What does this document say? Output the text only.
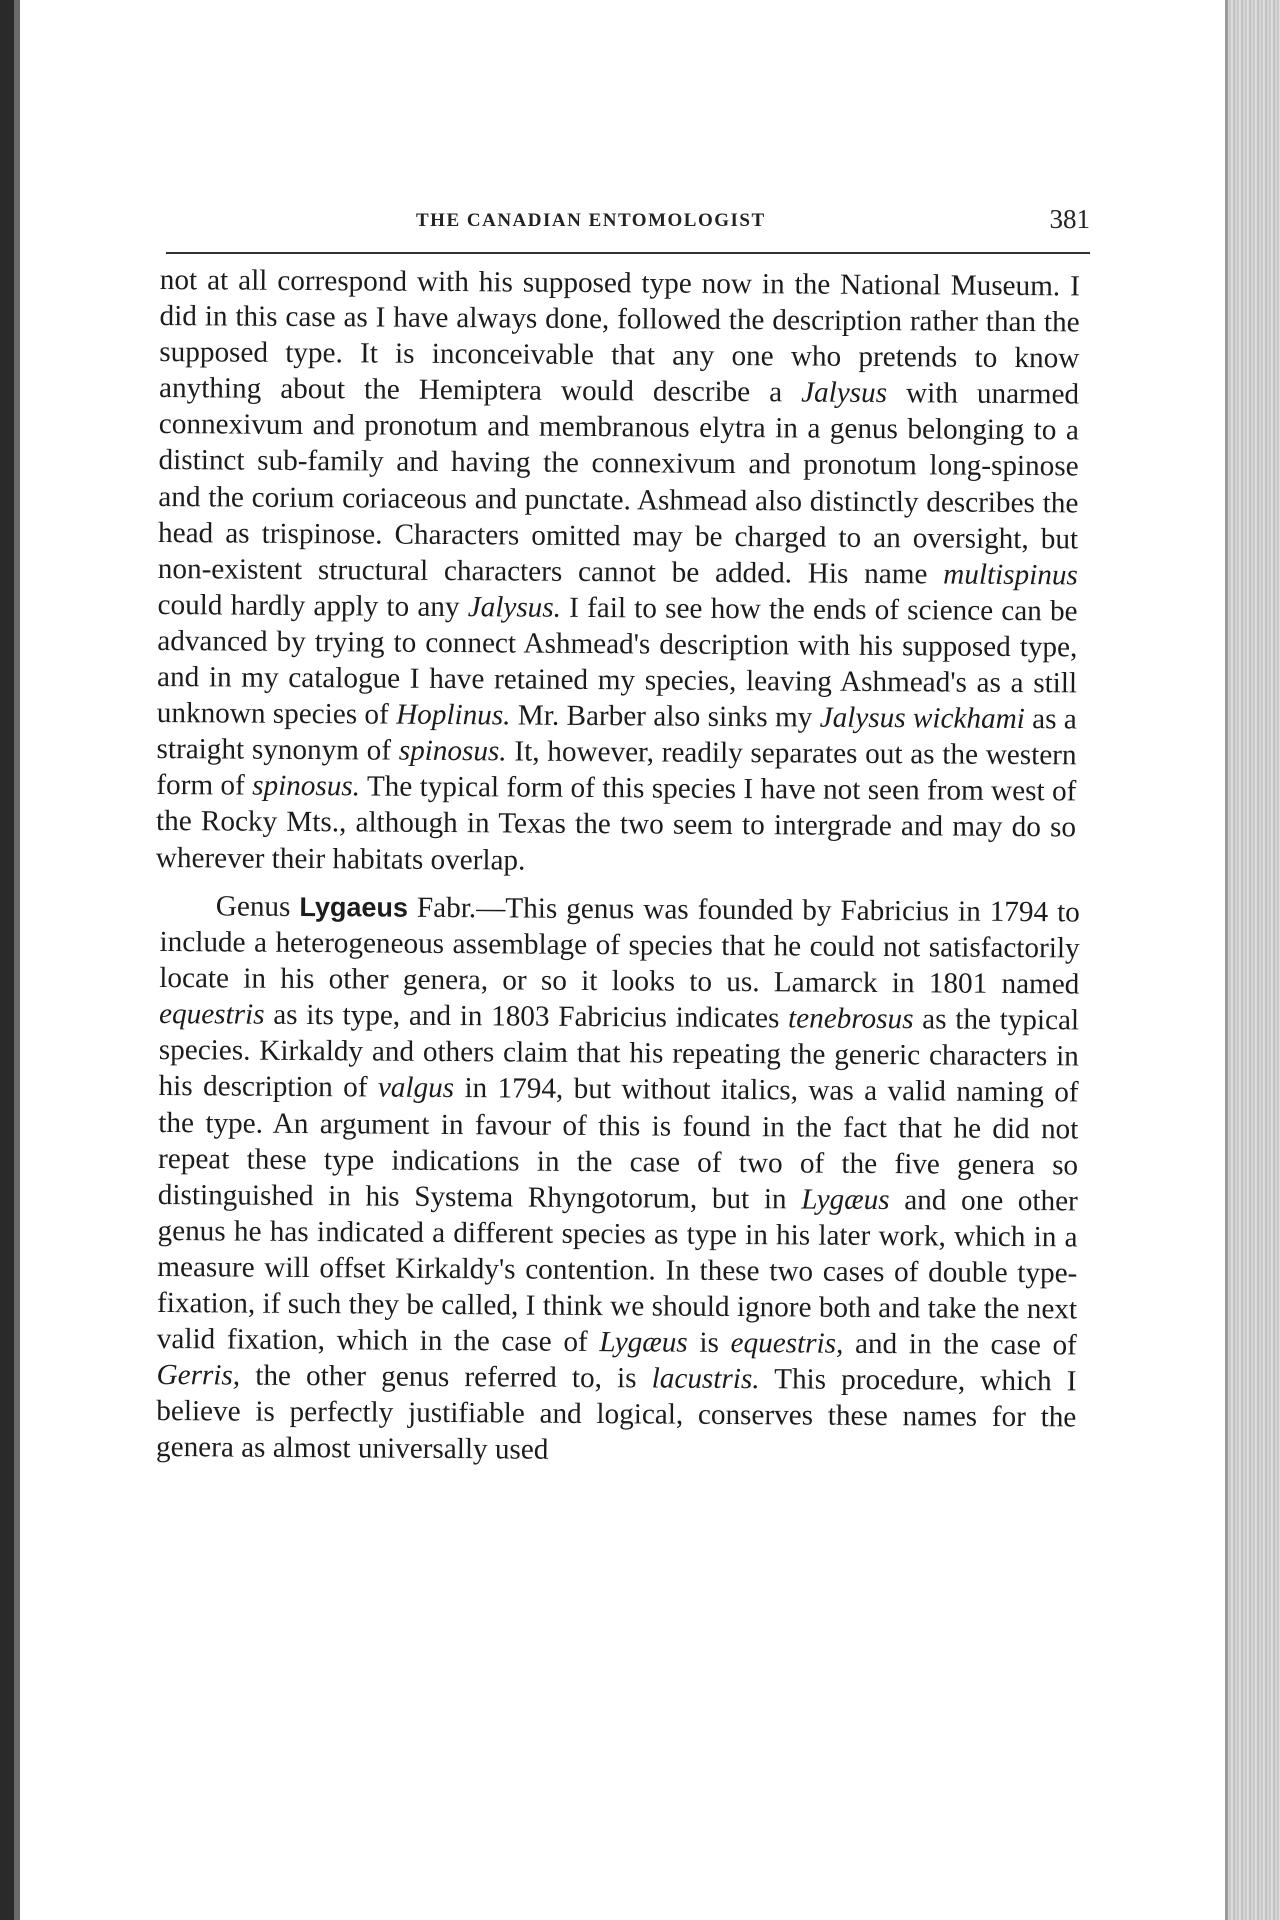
THE CANADIAN ENTOMOLOGIST	381

not at all correspond with his supposed type now in the National Museum. I did in this case as I have always done, followed the description rather than the supposed type. It is inconceivable that any one who pretends to know anything about the Hemiptera would describe a Jalysus with unarmed connexivum and pronotum and membranous elytra in a genus belonging to a distinct sub-family and having the connexivum and pronotum long-spinose and the corium coriaceous and punctate. Ashmead also distinctly describes the head as trispinose. Characters omitted may be charged to an oversight, but non-existent structural characters cannot be added. His name multispinus could hardly apply to any Jalysus. I fail to see how the ends of science can be advanced by trying to connect Ashmead's description with his supposed type, and in my catalogue I have retained my species, leaving Ashmead's as a still unknown species of Hoplinus. Mr. Barber also sinks my Jalysus wickhami as a straight synonym of spinosus. It, however, readily separates out as the western form of spinosus. The typical form of this species I have not seen from west of the Rocky Mts., although in Texas the two seem to intergrade and may do so wherever their habitats overlap.

Genus Lygaeus Fabr.—This genus was founded by Fabricius in 1794 to include a heterogeneous assemblage of species that he could not satisfactorily locate in his other genera, or so it looks to us. Lamarck in 1801 named equestris as its type, and in 1803 Fabricius indicates tenebrosus as the typical species. Kirkaldy and others claim that his repeating the generic characters in his description of valgus in 1794, but without italics, was a valid naming of the type. An argument in favour of this is found in the fact that he did not repeat these type indications in the case of two of the five genera so distinguished in his Systema Rhyngotorum, but in Lygæus and one other genus he has indicated a different species as type in his later work, which in a measure will offset Kirkaldy's contention. In these two cases of double type-fixation, if such they be called, I think we should ignore both and take the next valid fixation, which in the case of Lygæus is equestris, and in the case of Gerris, the other genus referred to, is lacustris. This procedure, which I believe is perfectly justifiable and logical, conserves these names for the genera as almost universally used
